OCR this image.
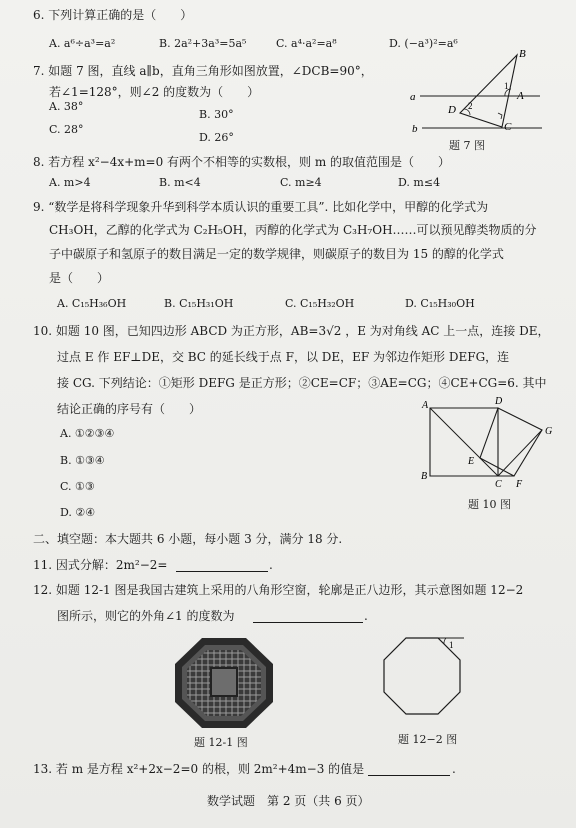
6. 下列计算正确的是（　　）
A. a⁶÷a³=a²	B. 2a²+3a³=5a⁵	C. a⁴·a²=a⁸	D. (−a³)²=a⁶
7. 如题 7 图，直线 a∥b，直角三角形如图放置，∠DCB=90°，
若∠1=128°，则∠2 的度数为（　　）
A. 38°
B. 30°
C. 28°
D. 26°
B
A
D
C
a
b
1
2
题 7 图
8. 若方程 x²−4x+m=0 有两个不相等的实数根，则 m 的取值范围是（　　）
A. m>4	B. m<4	C. m≥4	D. m≤4
9. “数学是将科学现象升华到科学本质认识的重要工具”. 比如化学中，甲醇的化学式为
CH₃OH，乙醇的化学式为 C₂H₅OH，丙醇的化学式为 C₃H₇OH……可以预见醇类物质的分
子中碳原子和氢原子的数目满足一定的数学规律，则碳原子的数目为 15 的醇的化学式
是（　　）
A. C₁₅H₃₆OH	B. C₁₅H₃₁OH	C. C₁₅H₃₂OH	D. C₁₅H₃₀OH
10. 如题 10 图，已知四边形 ABCD 为正方形，AB=3√2 ，E 为对角线 AC 上一点，连接 DE，
过点 E 作 EF⊥DE，交 BC 的延长线于点 F，以 DE，EF 为邻边作矩形 DEFG，连
接 CG. 下列结论：①矩形 DEFG 是正方形；②CE=CF；③AE=CG；④CE+CG=6. 其中
结论正确的序号有（　　）
A. ①②③④
B. ①③④
C. ①③
D. ②④
A	D
G
E
B
C F
题 10 图
二、填空题：本大题共 6 小题，每小题 3 分，满分 18 分.
11. 因式分解：2m²−2=	.
12. 如题 12-1 图是我国古建筑上采用的八角形空窗，轮廓是正八边形，其示意图如题 12−2
图所示，则它的外角∠1 的度数为	.
题 12-1 图
1
题 12−2 图
13. 若 m 是方程 x²+2x−2=0 的根，则 2m²+4m−3 的值是	.
数学试题　第 2 页（共 6 页）
